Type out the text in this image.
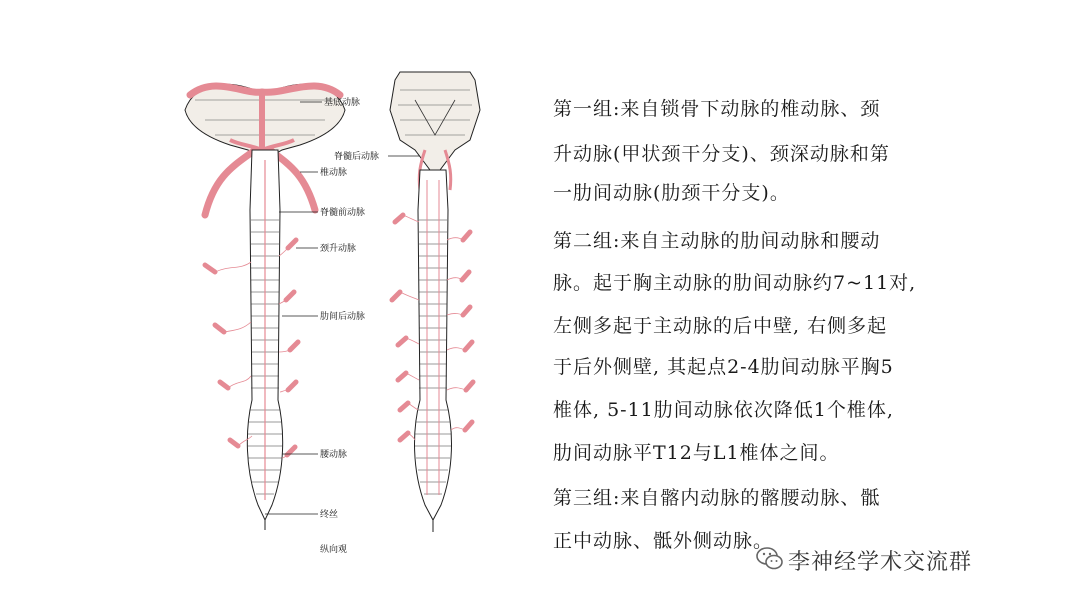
基底动脉
椎动脉
脊髓前动脉
颈升动脉
肋间后动脉
腰动脉
终丝
纵向观
脊髓后动脉
第一组:来自锁骨下动脉的椎动脉、颈
升动脉(甲状颈干分支)、颈深动脉和第
一肋间动脉(肋颈干分支)。
第二组:来自主动脉的肋间动脉和腰动
脉。起于胸主动脉的肋间动脉约7~11对,
左侧多起于主动脉的后中壁, 右侧多起
于后外侧壁, 其起点2-4肋间动脉平胸5
椎体, 5-11肋间动脉依次降低1个椎体,
肋间动脉平T12与L1椎体之间。
第三组:来自髂内动脉的髂腰动脉、骶
正中动脉、骶外侧动脉。
李神经学术交流群
